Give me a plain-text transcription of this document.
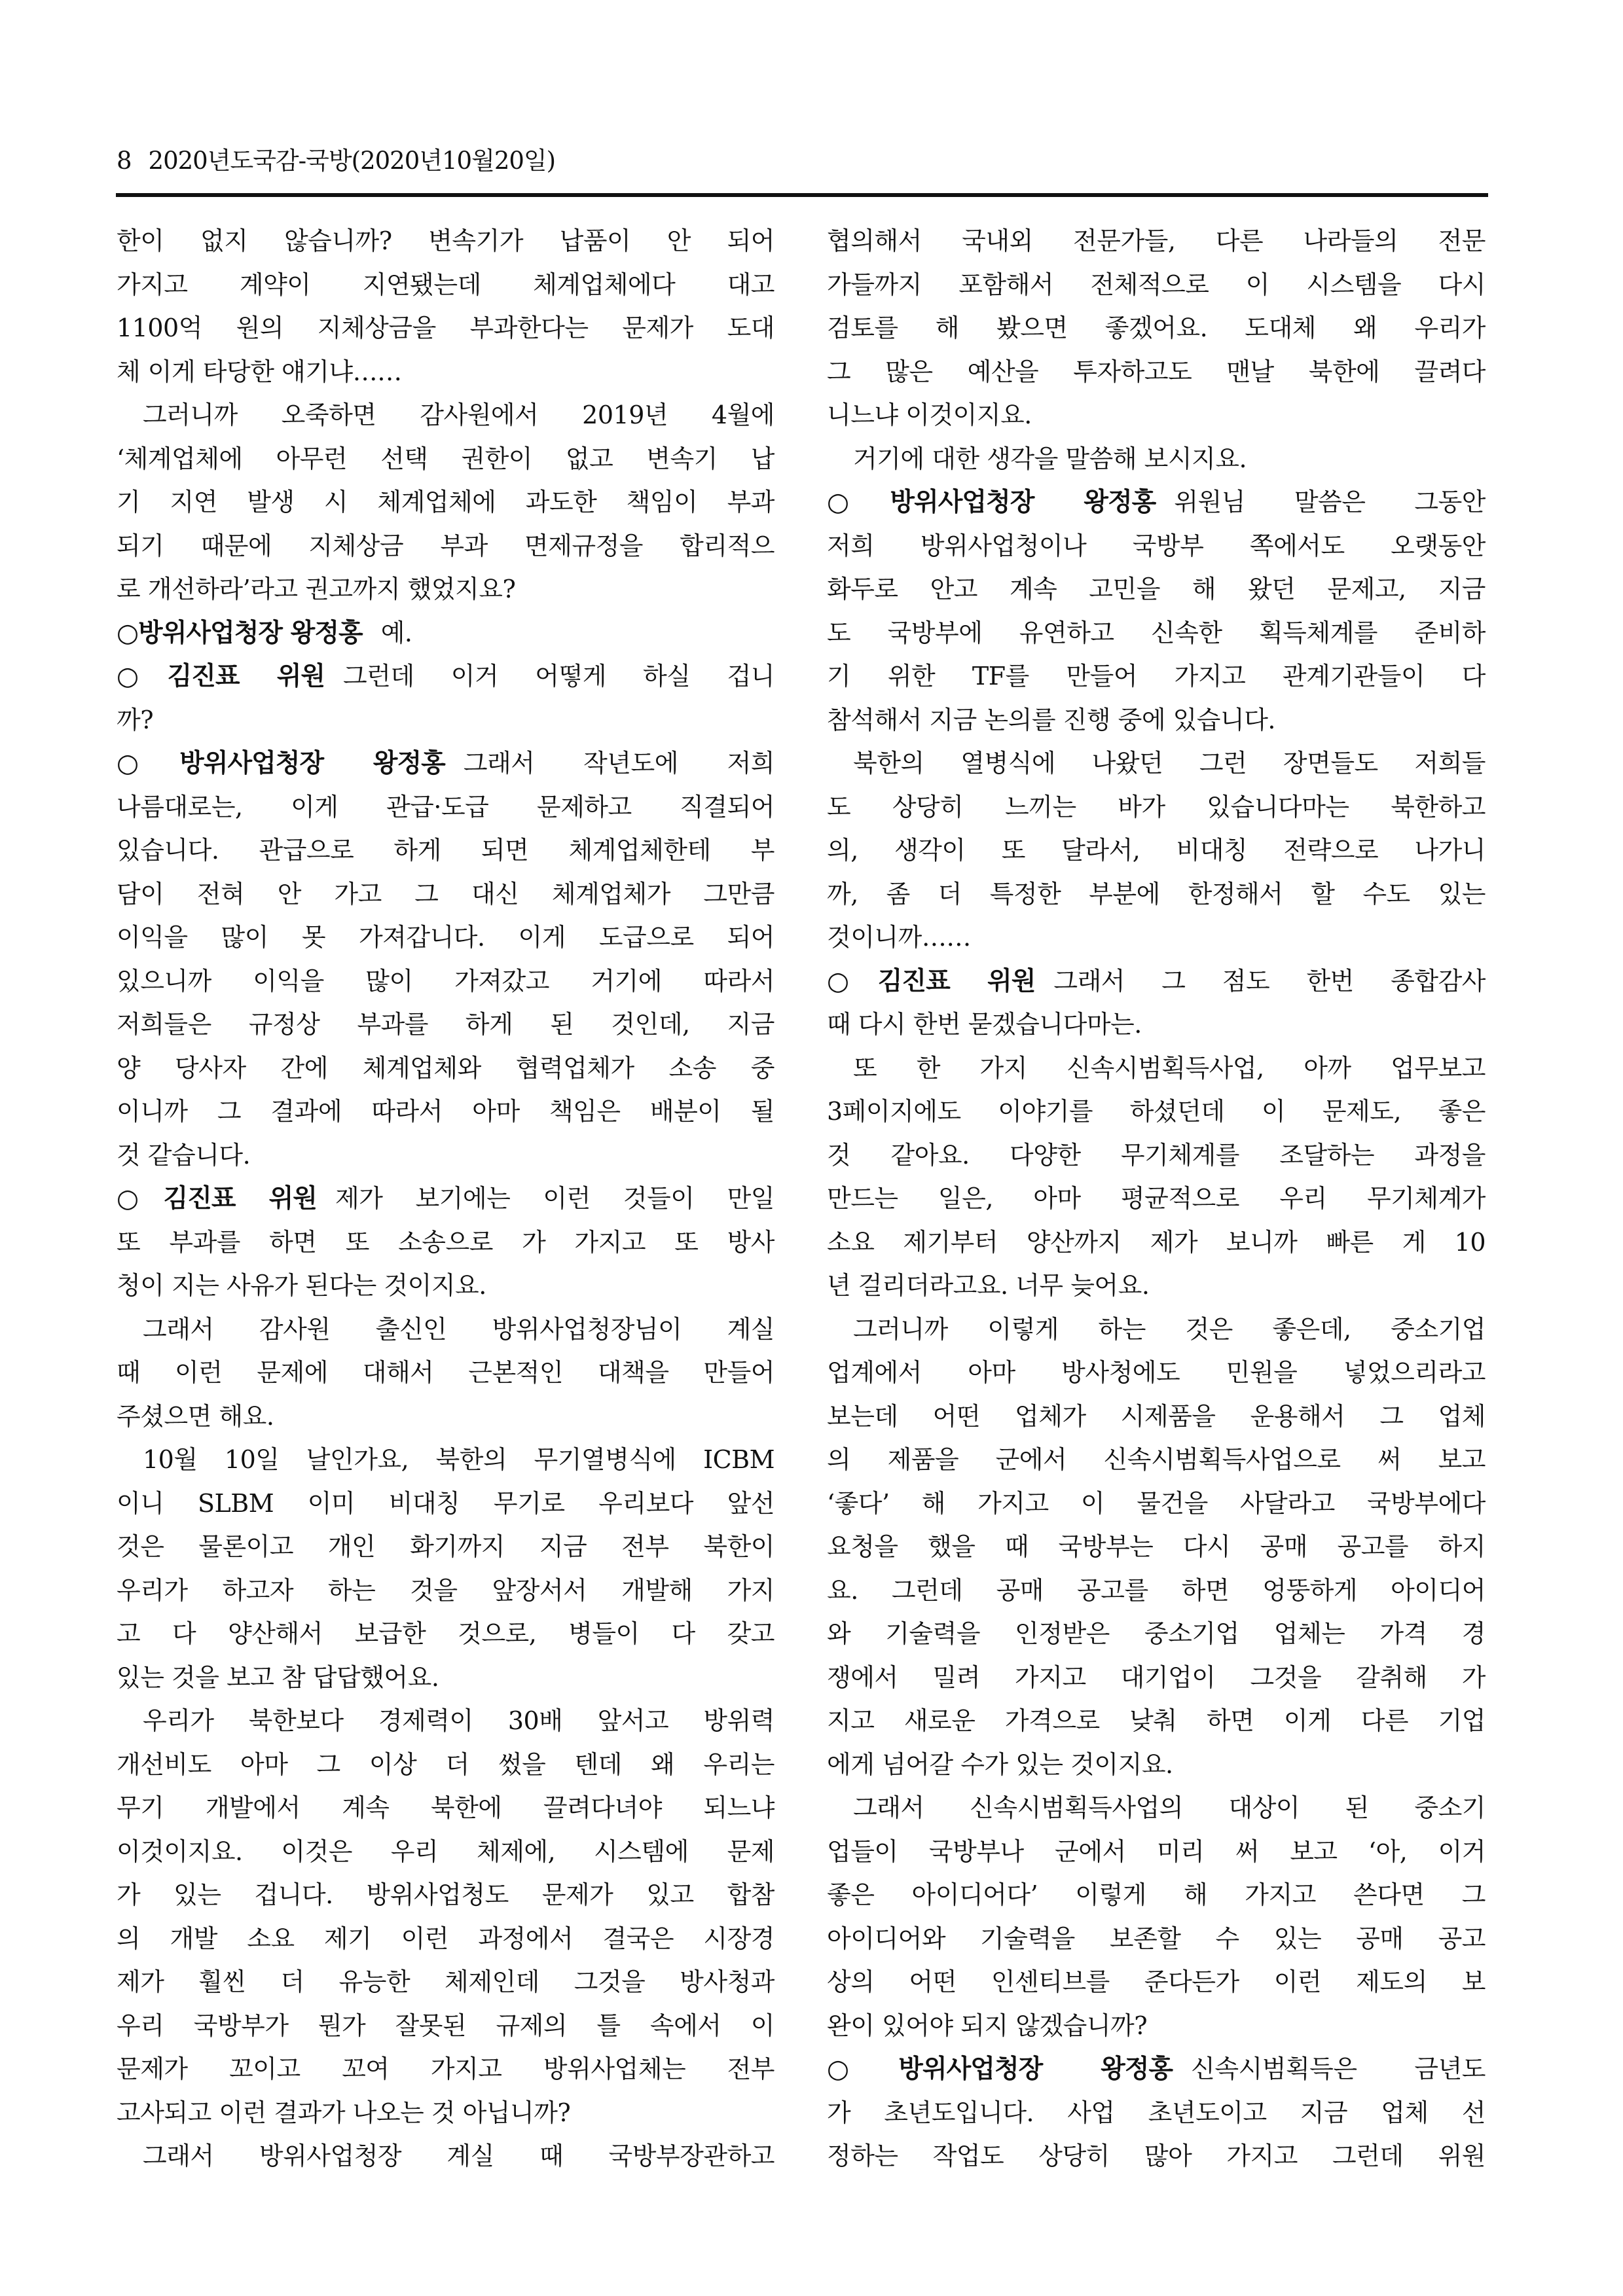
8 2020년도국감-국방(2020년10월20일)
한이 없지 않습니까? 변속기가 납품이 안 되어
가지고 계약이 지연됐는데 체계업체에다 대고
1100억 원의 지체상금을 부과한다는 문제가 도대
체 이게 타당한 얘기냐……
그러니까 오죽하면 감사원에서 2019년 4월에
‘체계업체에 아무런 선택 권한이 없고 변속기 납
기 지연 발생 시 체계업체에 과도한 책임이 부과
되기 때문에 지체상금 부과 면제규정을 합리적으
로 개선하라’라고 권고까지 했었지요?
○방위사업청장 왕정홍 예.
○김진표 위원 그런데 이거 어떻게 하실 겁니
까?
○방위사업청장 왕정홍 그래서 작년도에 저희
나름대로는, 이게 관급·도급 문제하고 직결되어
있습니다. 관급으로 하게 되면 체계업체한테 부
담이 전혀 안 가고 그 대신 체계업체가 그만큼
이익을 많이 못 가져갑니다. 이게 도급으로 되어
있으니까 이익을 많이 가져갔고 거기에 따라서
저희들은 규정상 부과를 하게 된 것인데, 지금
양 당사자 간에 체계업체와 협력업체가 소송 중
이니까 그 결과에 따라서 아마 책임은 배분이 될
것 같습니다.
○김진표 위원 제가 보기에는 이런 것들이 만일
또 부과를 하면 또 소송으로 가 가지고 또 방사
청이 지는 사유가 된다는 것이지요.
그래서 감사원 출신인 방위사업청장님이 계실
때 이런 문제에 대해서 근본적인 대책을 만들어
주셨으면 해요.
10월 10일 날인가요, 북한의 무기열병식에 ICBM
이니 SLBM 이미 비대칭 무기로 우리보다 앞선
것은 물론이고 개인 화기까지 지금 전부 북한이
우리가 하고자 하는 것을 앞장서서 개발해 가지
고 다 양산해서 보급한 것으로, 병들이 다 갖고
있는 것을 보고 참 답답했어요.
우리가 북한보다 경제력이 30배 앞서고 방위력
개선비도 아마 그 이상 더 썼을 텐데 왜 우리는
무기 개발에서 계속 북한에 끌려다녀야 되느냐
이것이지요. 이것은 우리 체제에, 시스템에 문제
가 있는 겁니다. 방위사업청도 문제가 있고 합참
의 개발 소요 제기 이런 과정에서 결국은 시장경
제가 훨씬 더 유능한 체제인데 그것을 방사청과
우리 국방부가 뭔가 잘못된 규제의 틀 속에서 이
문제가 꼬이고 꼬여 가지고 방위사업체는 전부
고사되고 이런 결과가 나오는 것 아닙니까?
그래서 방위사업청장 계실 때 국방부장관하고
협의해서 국내외 전문가들, 다른 나라들의 전문
가들까지 포함해서 전체적으로 이 시스템을 다시
검토를 해 봤으면 좋겠어요. 도대체 왜 우리가
그 많은 예산을 투자하고도 맨날 북한에 끌려다
니느냐 이것이지요.
거기에 대한 생각을 말씀해 보시지요.
○방위사업청장 왕정홍 위원님 말씀은 그동안
저희 방위사업청이나 국방부 쪽에서도 오랫동안
화두로 안고 계속 고민을 해 왔던 문제고, 지금
도 국방부에 유연하고 신속한 획득체계를 준비하
기 위한 TF를 만들어 가지고 관계기관들이 다
참석해서 지금 논의를 진행 중에 있습니다.
북한의 열병식에 나왔던 그런 장면들도 저희들
도 상당히 느끼는 바가 있습니다마는 북한하고
의, 생각이 또 달라서, 비대칭 전략으로 나가니
까, 좀 더 특정한 부분에 한정해서 할 수도 있는
것이니까……
○김진표 위원 그래서 그 점도 한번 종합감사
때 다시 한번 묻겠습니다마는.
또 한 가지 신속시범획득사업, 아까 업무보고
3페이지에도 이야기를 하셨던데 이 문제도, 좋은
것 같아요. 다양한 무기체계를 조달하는 과정을
만드는 일은, 아마 평균적으로 우리 무기체계가
소요 제기부터 양산까지 제가 보니까 빠른 게 10
년 걸리더라고요. 너무 늦어요.
그러니까 이렇게 하는 것은 좋은데, 중소기업
업계에서 아마 방사청에도 민원을 넣었으리라고
보는데 어떤 업체가 시제품을 운용해서 그 업체
의 제품을 군에서 신속시범획득사업으로 써 보고
‘좋다’ 해 가지고 이 물건을 사달라고 국방부에다
요청을 했을 때 국방부는 다시 공매 공고를 하지
요. 그런데 공매 공고를 하면 엉뚱하게 아이디어
와 기술력을 인정받은 중소기업 업체는 가격 경
쟁에서 밀려 가지고 대기업이 그것을 갈취해 가
지고 새로운 가격으로 낮춰 하면 이게 다른 기업
에게 넘어갈 수가 있는 것이지요.
그래서 신속시범획득사업의 대상이 된 중소기
업들이 국방부나 군에서 미리 써 보고 ‘아, 이거
좋은 아이디어다’ 이렇게 해 가지고 쓴다면 그
아이디어와 기술력을 보존할 수 있는 공매 공고
상의 어떤 인센티브를 준다든가 이런 제도의 보
완이 있어야 되지 않겠습니까?
○방위사업청장 왕정홍 신속시범획득은 금년도
가 초년도입니다. 사업 초년도이고 지금 업체 선
정하는 작업도 상당히 많아 가지고 그런데 위원
